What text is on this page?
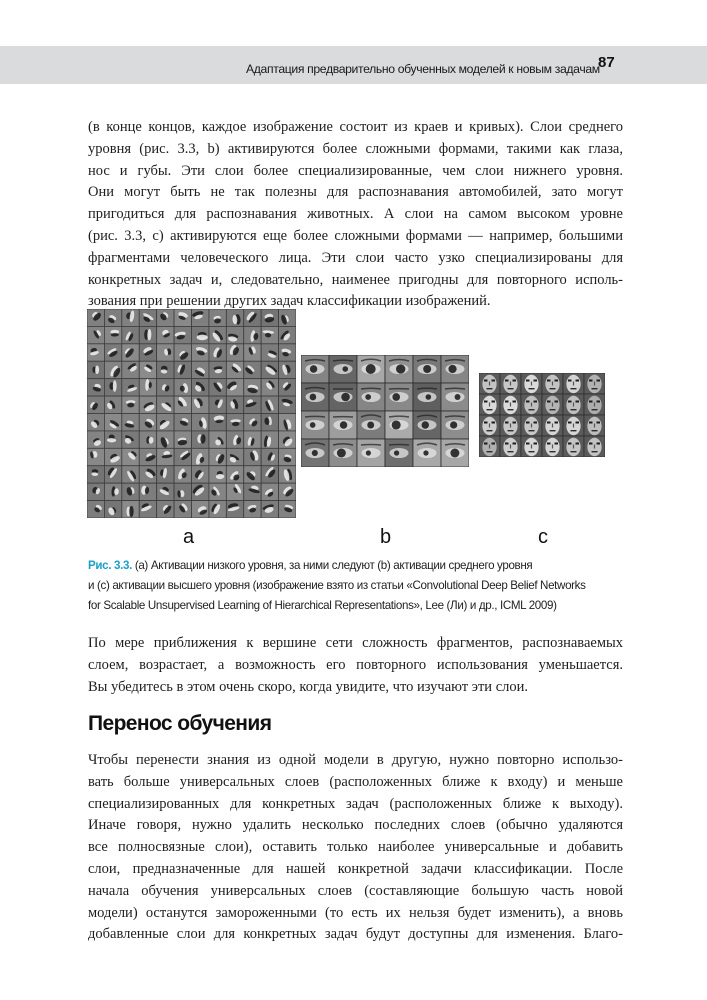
Адаптация предварительно обученных моделей к новым задачам
87
(в конце концов, каждое изображение состоит из краев и кривых). Слои среднего
уровня (рис. 3.3, b) активируются более сложными формами, такими как глаза,
нос и губы. Эти слои более специализированные, чем слои нижнего уровня.
Они могут быть не так полезны для распознавания автомобилей, зато могут
пригодиться для распознавания животных. А слои на самом высоком уровне
(рис. 3.3, c) активируются еще более сложными формами — например, большими
фрагментами человеческого лица. Эти слои часто узко специализированы для
конкретных задач и, следовательно, наименее пригодны для повторного исполь-
зования при решении других задач классификации изображений.
a	b	c
Рис. 3.3. (a) Активации низкого уровня, за ними следуют (b) активации среднего уровня
и (c) активации высшего уровня (изображение взято из статьи «Convolutional Deep Belief Networks
for Scalable Unsupervised Learning of Hierarchical Representations», Lee (Ли) и др., ICML 2009)
По мере приближения к вершине сети сложность фрагментов, распознаваемых
слоем, возрастает, а возможность его повторного использования уменьшается.
Вы убедитесь в этом очень скоро, когда увидите, что изучают эти слои.
Перенос обучения
Чтобы перенести знания из одной модели в другую, нужно повторно использо-
вать больше универсальных слоев (расположенных ближе к входу) и меньше
специализированных для конкретных задач (расположенных ближе к выходу).
Иначе говоря, нужно удалить несколько последних слоев (обычно удаляются
все полносвязные слои), оставить только наиболее универсальные и добавить
слои, предназначенные для нашей конкретной задачи классификации. После
начала обучения универсальных слоев (составляющие большую часть новой
модели) останутся замороженными (то есть их нельзя будет изменить), а вновь
добавленные слои для конкретных задач будут доступны для изменения. Благо-
